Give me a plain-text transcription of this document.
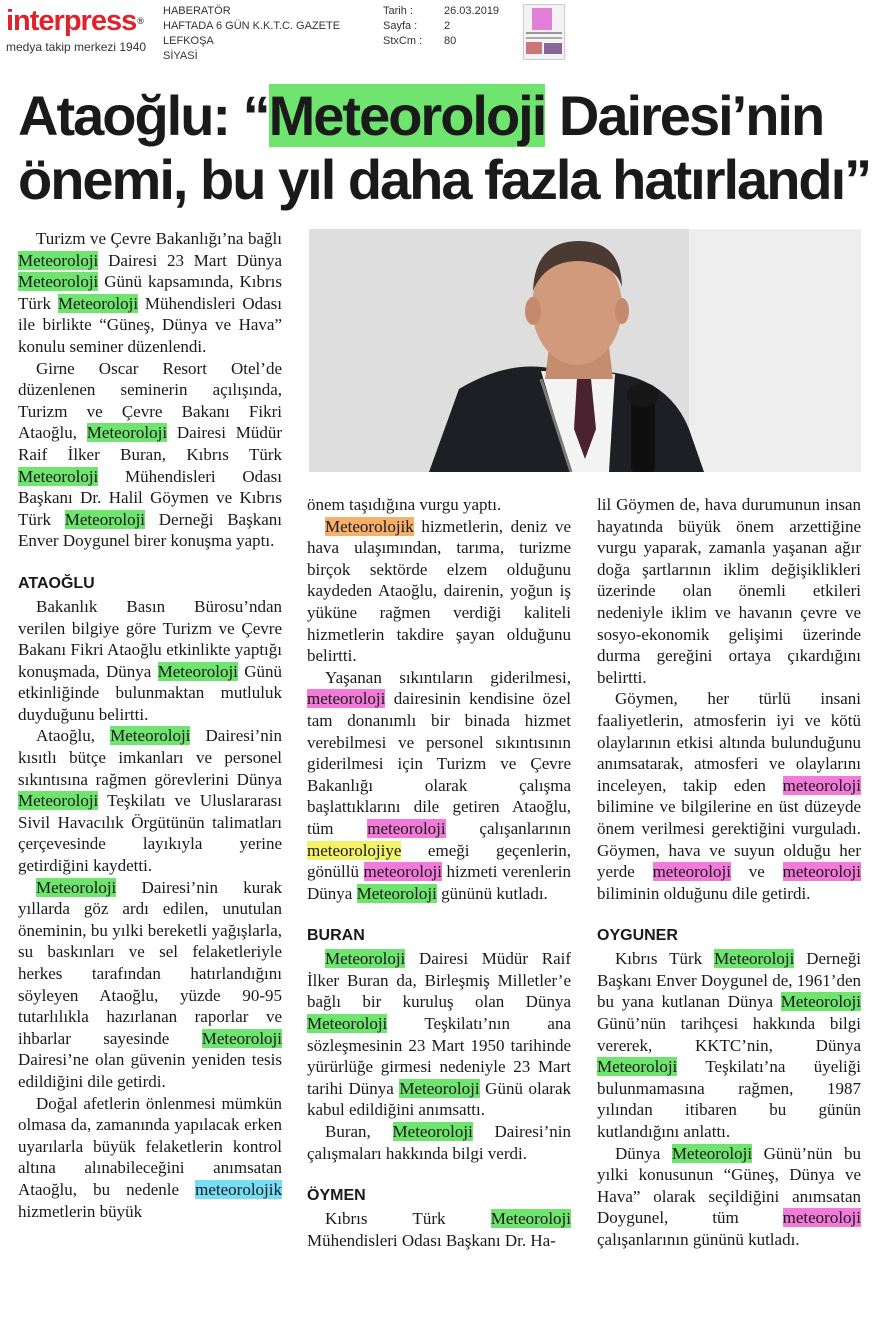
interpress®
medya takip merkezi 1940
HABERATÖR
HAFTADA 6 GÜN K.K.T.C. GAZETE
LEFKOŞA
SİYASİ
Tarih :
Sayfa :
StxCm :
26.03.2019
2
80
Ataoğlu: “Meteoroloji Dairesi’nin önemi, bu yıl daha fazla hatırlandı”

Turizm ve Çevre Bakanlığı’na bağlı Meteoroloji Dairesi 23 Mart Dünya Meteoroloji Günü kapsamında, Kıbrıs Türk Meteoroloji Mühendisleri Odası ile birlikte “Güneş, Dünya ve Hava” konulu seminer düzenlendi.

Girne Oscar Resort Otel’de düzenlenen seminerin açılışında, Turizm ve Çevre Bakanı Fikri Ataoğlu, Meteoroloji Dairesi Müdür Raif İlker Buran, Kıbrıs Türk Meteoroloji Mühendisleri Odası Başkanı Dr. Halil Göymen ve Kıbrıs Türk Meteoroloji Derneği Başkanı Enver Doygunel birer konuşma yaptı.

ATAOĞLU

Bakanlık Basın Bürosu’ndan verilen bilgiye göre Turizm ve Çevre Bakanı Fikri Ataoğlu etkinlikte yaptığı konuşmada, Dünya Meteoroloji Günü etkinliğinde bulunmaktan mutluluk duyduğunu belirtti.

Ataoğlu, Meteoroloji Dairesi’nin kısıtlı bütçe imkanları ve personel sıkıntısına rağmen görevlerini Dünya Meteoroloji Teşkilatı ve Uluslararası Sivil Havacılık Örgütünün talimatları çerçevesinde layıkıyla yerine getirdiğini kaydetti.

Meteoroloji Dairesi’nin kurak yıllarda göz ardı edilen, unutulan öneminin, bu yılki bereketli yağışlarla, su baskınları ve sel felaketleriyle herkes tarafından hatırlandığını söyleyen Ataoğlu, yüzde 90-95 tutarlılıkla hazırlanan raporlar ve ihbarlar sayesinde Meteoroloji Dairesi’ne olan güvenin yeniden tesis edildiğini dile getirdi.

Doğal afetlerin önlenmesi mümkün olmasa da, zamanında yapılacak erken uyarılarla büyük felaketlerin kontrol altına alınabileceğini anımsatan Ataoğlu, bu nedenle meteorolojik hizmetlerin büyük

önem taşıdığına vurgu yaptı.

Meteorolojik hizmetlerin, deniz ve hava ulaşımından, tarıma, turizme birçok sektörde elzem olduğunu kaydeden Ataoğlu, dairenin, yoğun iş yüküne rağmen verdiği kaliteli hizmetlerin takdire şayan olduğunu belirtti.

Yaşanan sıkıntıların giderilmesi, meteoroloji dairesinin kendisine özel tam donanımlı bir binada hizmet verebilmesi ve personel sıkıntısının giderilmesi için Turizm ve Çevre Bakanlığı olarak çalışma başlattıklarını dile getiren Ataoğlu, tüm meteoroloji çalışanlarının meteorolojiye emeği geçenlerin, gönüllü meteoroloji hizmeti verenlerin Dünya Meteoroloji gününü kutladı.

BURAN

Meteoroloji Dairesi Müdür Raif İlker Buran da, Birleşmiş Milletler’e bağlı bir kuruluş olan Dünya Meteoroloji Teşkilatı’nın ana sözleşmesinin 23 Mart 1950 tarihinde yürürlüğe girmesi nedeniyle 23 Mart tarihi Dünya Meteoroloji Günü olarak kabul edildiğini anımsattı.

Buran, Meteoroloji Dairesi’nin çalışmaları hakkında bilgi verdi.

ÖYMEN

Kıbrıs Türk Meteoroloji Mühendisleri Odası Başkanı Dr. Ha-

lil Göymen de, hava durumunun insan hayatında büyük önem arzettiğine vurgu yaparak, zamanla yaşanan ağır doğa şartlarının iklim değişiklikleri üzerinde olan önemli etkileri nedeniyle iklim ve havanın çevre ve sosyo-ekonomik gelişimi üzerinde durma gereğini ortaya çıkardığını belirtti.

Göymen, her türlü insani faaliyetlerin, atmosferin iyi ve kötü olaylarının etkisi altında bulunduğunu anımsatarak, atmosferi ve olaylarını inceleyen, takip eden meteoroloji bilimine ve bilgilerine en üst düzeyde önem verilmesi gerektiğini vurguladı. Göymen, hava ve suyun olduğu her yerde meteoroloji ve meteoroloji biliminin olduğunu dile getirdi.

OYGUNER

Kıbrıs Türk Meteoroloji Derneği Başkanı Enver Doygunel de, 1961’den bu yana kutlanan Dünya Meteoroloji Günü’nün tarihçesi hakkında bilgi vererek, KKTC’nin, Dünya Meteoroloji Teşkilatı’na üyeliği bulunmamasına rağmen, 1987 yılından itibaren bu günün kutlandığını anlattı.

Dünya Meteoroloji Günü’nün bu yılki konusunun “Güneş, Dünya ve Hava” olarak seçildiğini anımsatan Doygunel, tüm meteoroloji çalışanlarının gününü kutladı.
